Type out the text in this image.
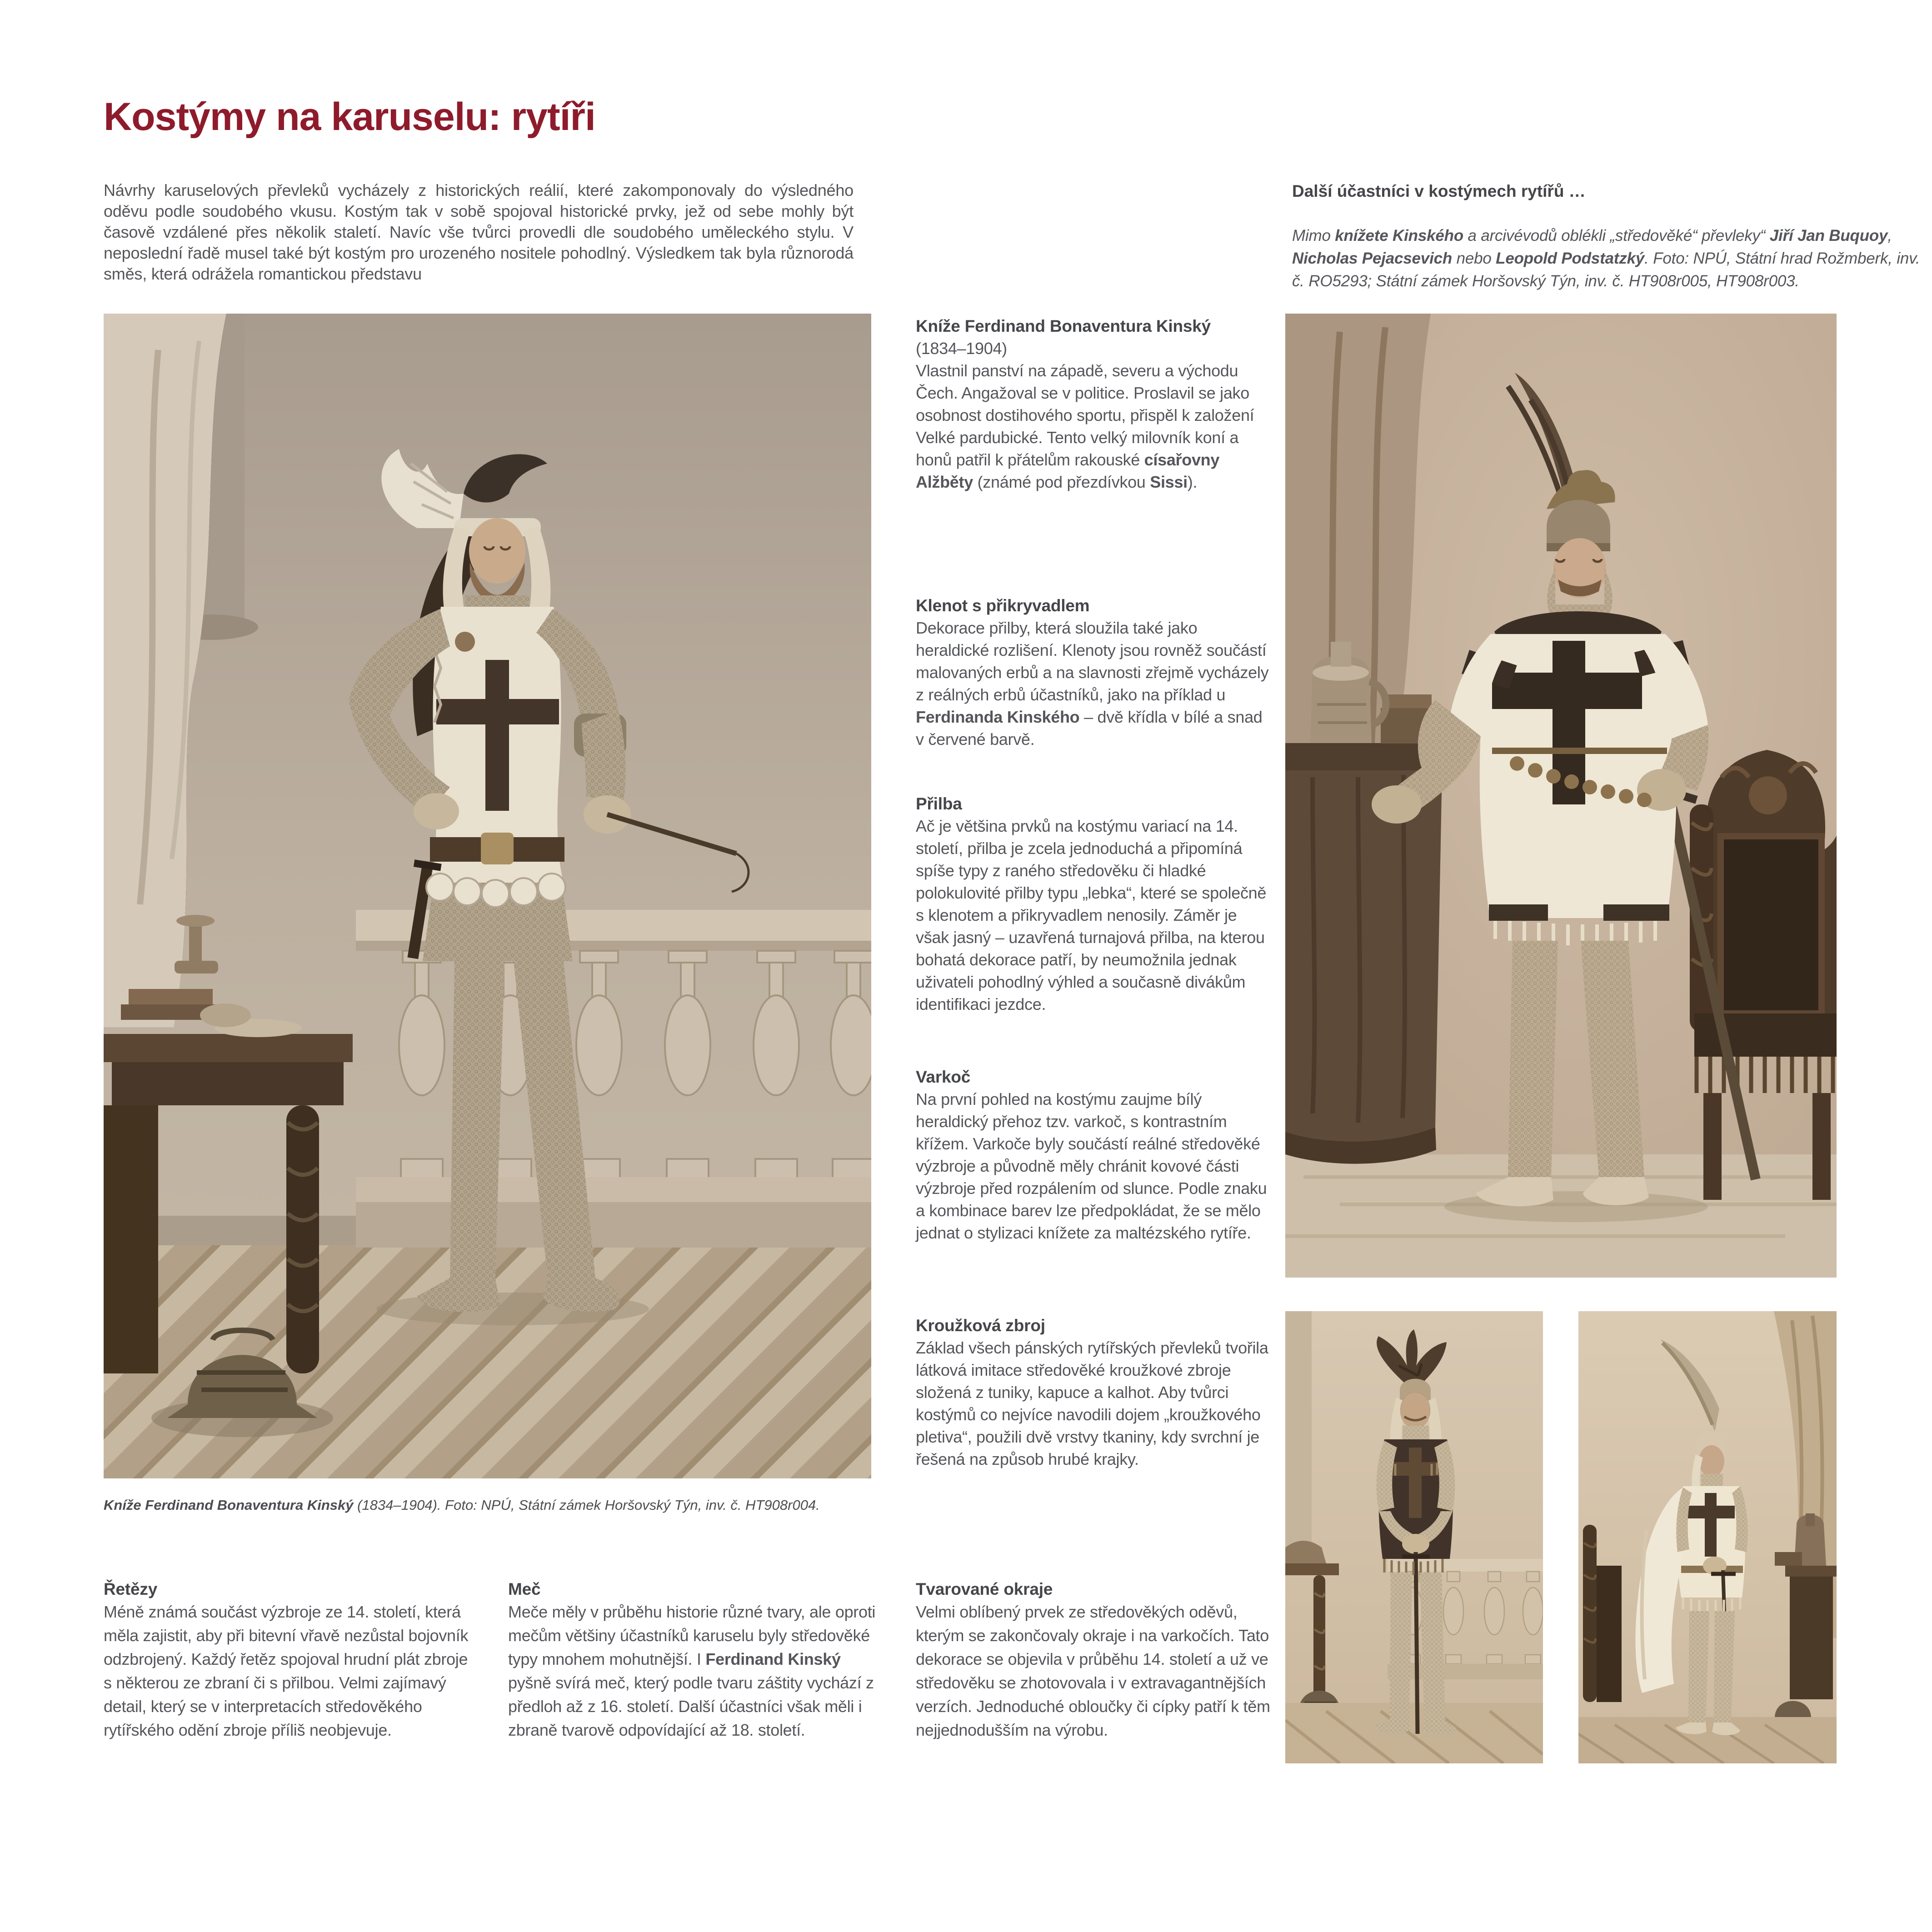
Kostýmy na karuselu: rytíři

Návrhy karuselových převleků vycházely z historických reálií, které zakomponovaly do výsledného oděvu podle soudobého vkusu. Kostým tak v sobě spojoval historické prvky, jež od sebe mohly být časově vzdálené přes několik staletí. Navíc vše tvůrci provedli dle soudobého uměleckého stylu. V neposlední řadě musel také být kostým pro urozeného nositele pohodlný. Výsledkem tak byla různorodá směs, která odrážela romantickou představu

Další účastníci v kostýmech rytířů …

Mimo knížete Kinského a arcivévodů oblékli „středověké“ převleky“ Jiří Jan Buquoy, Nicholas Pejacsevich nebo Leopold Podstatzký. Foto: NPÚ, Státní hrad Rožmberk, inv. č. RO5293; Státní zámek Horšovský Týn, inv. č. HT908r005, HT908r003.

Kníže Ferdinand Bonaventura Kinský

(1834–1904)

Vlastnil panství na západě, severu a východu Čech. Angažoval se v politice. Proslavil se jako osobnost dostihového sportu, přispěl k založení Velké pardubické. Tento velký milovník koní a honů patřil k přátelům rakouské císařovny Alžběty (známé pod přezdívkou Sissi).

Klenot s přikryvadlem

Dekorace přilby, která sloužila také jako heraldické rozlišení. Klenoty jsou rovněž součástí malovaných erbů a na slavnosti zřejmě vycházely z reálných erbů účastníků, jako na příklad u Ferdinanda Kinského – dvě křídla v bílé a snad v červené barvě.

Přilba

Ač je většina prvků na kostýmu variací na 14. století, přilba je zcela jednoduchá a připomíná spíše typy z raného středověku či hladké polokulovité přilby typu „lebka“, které se společně s klenotem a přikryvadlem nenosily. Záměr je však jasný – uzavřená turnajová přilba, na kterou bohatá dekorace patří, by neumožnila jednak uživateli pohodlný výhled a současně divákům identifikaci jezdce.

Varkoč

Na první pohled na kostýmu zaujme bílý heraldický přehoz tzv. varkoč, s kontrastním křížem. Varkoče byly součástí reálné středověké výzbroje a původně měly chránit kovové části výzbroje před rozpálením od slunce. Podle znaku a kombinace barev lze předpokládat, že se mělo jednat o stylizaci knížete za maltézského rytíře.

Kroužková zbroj

Základ všech pánských rytířských převleků tvořila látková imitace středověké kroužkové zbroje složená z tuniky, kapuce a kalhot. Aby tvůrci kostýmů co nejvíce navodili dojem „kroužkového pletiva“, použili dvě vrstvy tkaniny, kdy svrchní je řešená na způsob hrubé krajky.

Kníže Ferdinand Bonaventura Kinský (1834–1904). Foto: NPÚ, Státní zámek Horšovský Týn, inv. č. HT908r004.

Řetězy

Méně známá součást výzbroje ze 14. století, která měla zajistit, aby při bitevní vřavě nezůstal bojovník odzbrojený. Každý řetěz spojoval hrudní plát zbroje s některou ze zbraní či s přilbou. Velmi zajímavý detail, který se v interpretacích středověkého rytířského odění zbroje příliš neobjevuje.

Meč

Meče měly v průběhu historie různé tvary, ale oproti mečům většiny účastníků karuselu byly středověké typy mnohem mohutnější. I Ferdinand Kinský pyšně svírá meč, který podle tvaru záštity vychází z předloh až z 16. století. Další účastníci však měli i zbraně tvarově odpovídající až 18. století.

Tvarované okraje

Velmi oblíbený prvek ze středověkých oděvů, kterým se zakončovaly okraje i na varkočích. Tato dekorace se objevila v průběhu 14. století a už ve středověku se zhotovovala i v extravagantnějších verzích. Jednoduché obloučky či cípky patří k těm nejjednodušším na výrobu.
